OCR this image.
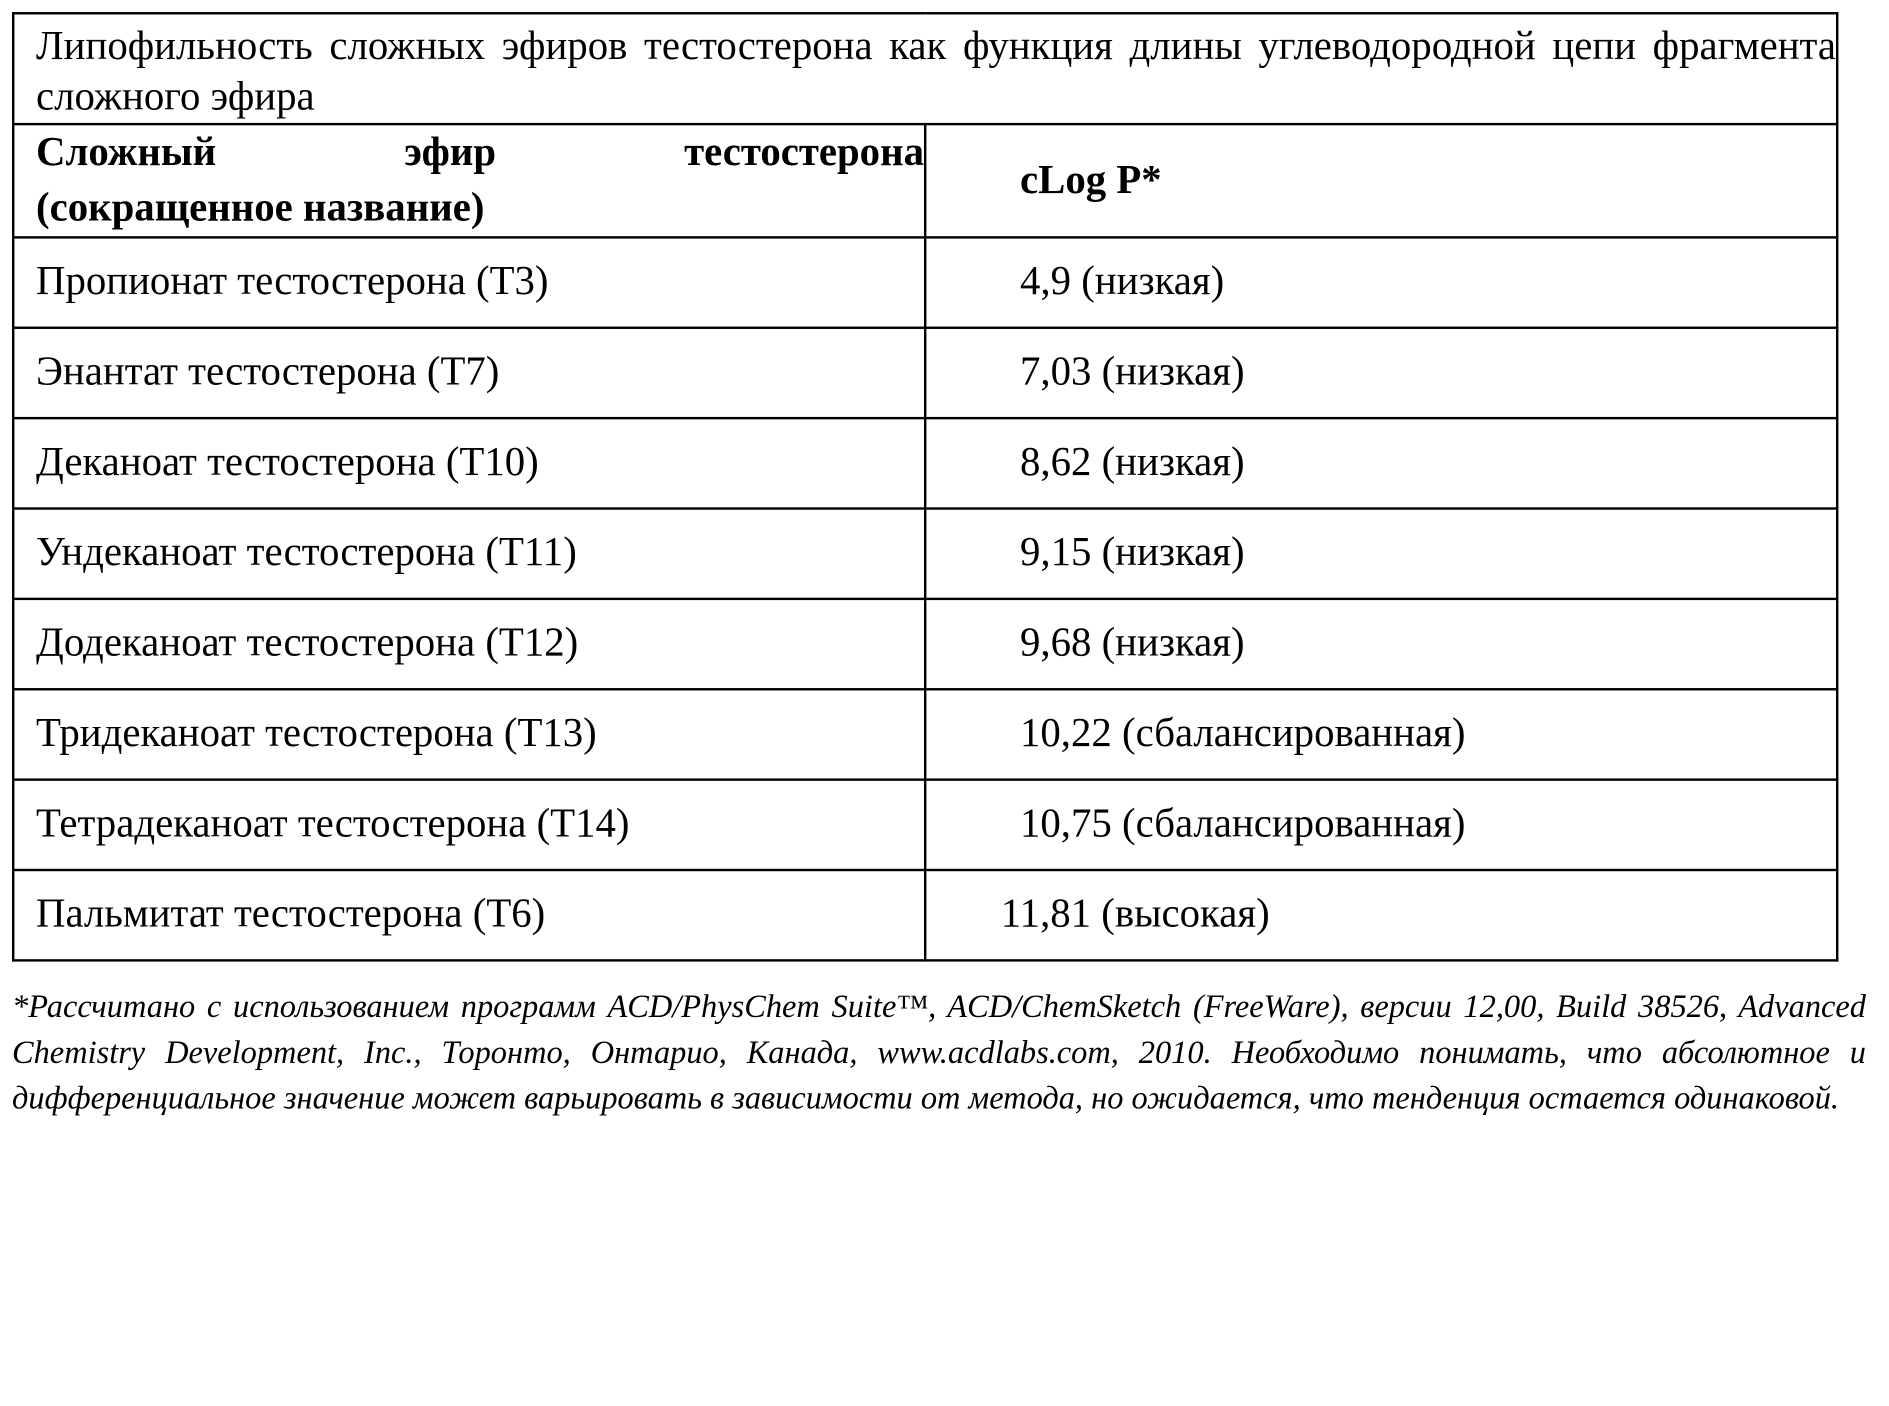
Липофильность сложных эфиров тестостерона как функция длины углеводородной цепи фрагмента сложного эфира	

Сложный эфир тестостерона
(сокращенное название)	cLog P*
Пропионат тестостерона (T3)	4,9 (низкая)
Энантат тестостерона (T7)	7,03 (низкая)
Деканоат тестостерона (T10)	8,62 (низкая)
Ундеканоат тестостерона (T11)	9,15 (низкая)
Додеканоат тестостерона (T12)	9,68 (низкая)
Тридеканоат тестостерона (T13)	10,22 (сбалансированная)
Тетрадеканоат тестостерона (T14)	10,75 (сбалансированная)
Пальмитат тестостерона (T6)	11,81 (высокая)
*Рассчитано с использованием программ ACD/PhysChem Suite™, ACD/ChemSketch (FreeWare), версии 12,00, Build 38526, Advanced Chemistry Development, Inc., Торонто, Онтарио, Канада, www.acdlabs.com, 2010. Необходимо понимать, что абсолютное и дифференциальное значение может варьировать в зависимости от метода, но ожидается, что тенденция остается одинаковой.
